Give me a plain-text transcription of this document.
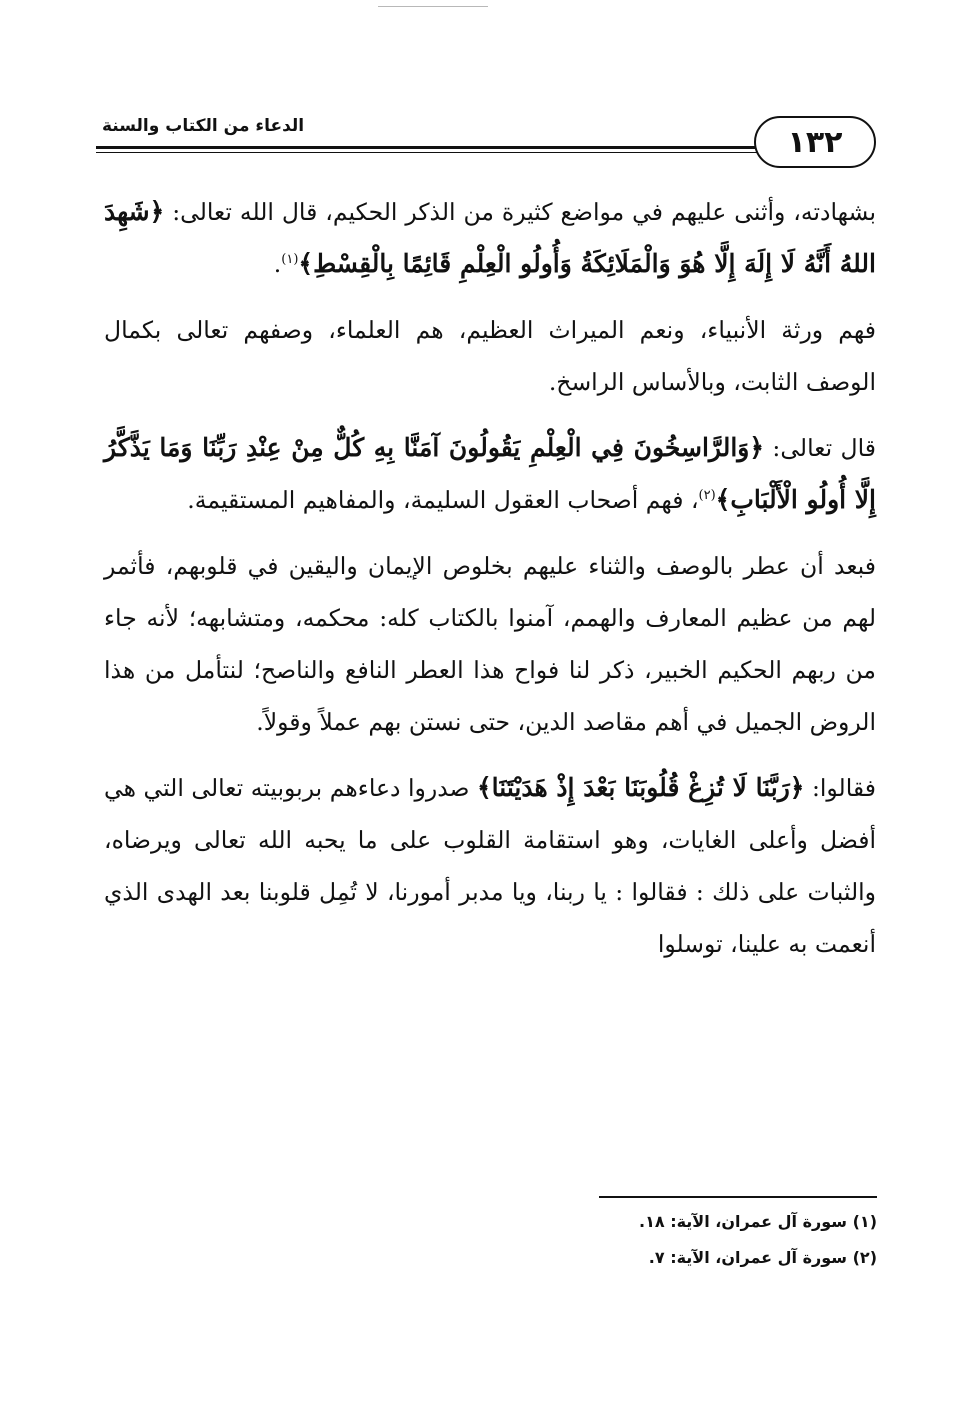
١٣٢
الدعاء من الكتاب والسنة

بشهادته، وأثنى عليهم في مواضع كثيرة من الذكر الحكيم، قال الله تعالى: ﴿شَهِدَ اللهُ أَنَّهُ لَا إِلَهَ إِلَّا هُوَ وَالْمَلَائِكَةُ وَأُولُو الْعِلْمِ قَائِمًا بِالْقِسْطِ﴾$^{(١)}$.

فهم ورثة الأنبياء، ونعم الميراث العظيم، هم العلماء، وصفهم تعالى بكمال الوصف الثابت، وبالأساس الراسخ.

قال تعالى: ﴿وَالرَّاسِخُونَ فِي الْعِلْمِ يَقُولُونَ آمَنَّا بِهِ كُلٌّ مِنْ عِنْدِ رَبِّنَا وَمَا يَذَّكَّرُ إِلَّا أُولُو الْأَلْبَابِ﴾$^{(٢)}$، فهم أصحاب العقول السليمة، والمفاهيم المستقيمة.

فبعد أن عطر بالوصف والثناء عليهم بخلوص الإيمان واليقين في قلوبهم، فأثمر لهم من عظيم المعارف والهمم، آمنوا بالكتاب كله: محكمه، ومتشابهه؛ لأنه جاء من ربهم الحكيم الخبير، ذكر لنا فواح هذا العطر النافع والناصح؛ لنتأمل من هذا الروض الجميل في أهم مقاصد الدين، حتى نستن بهم عملاً وقولاً.

فقالوا: ﴿رَبَّنَا لَا تُزِغْ قُلُوبَنَا بَعْدَ إِذْ هَدَيْتَنَا﴾ صدروا دعاءهم بربوبيته تعالى التي هي أفضل وأعلى الغايات، وهو استقامة القلوب على ما يحبه الله تعالى ويرضاه، والثبات على ذلك : فقالوا : يا ربنا، ويا مدبر أمورنا، لا تُمِل قلوبنا بعد الهدى الذي أنعمت به علينا، توسلوا

(١) سورة آل عمران، الآية: ١٨.

(٢) سورة آل عمران، الآية: ٧.
